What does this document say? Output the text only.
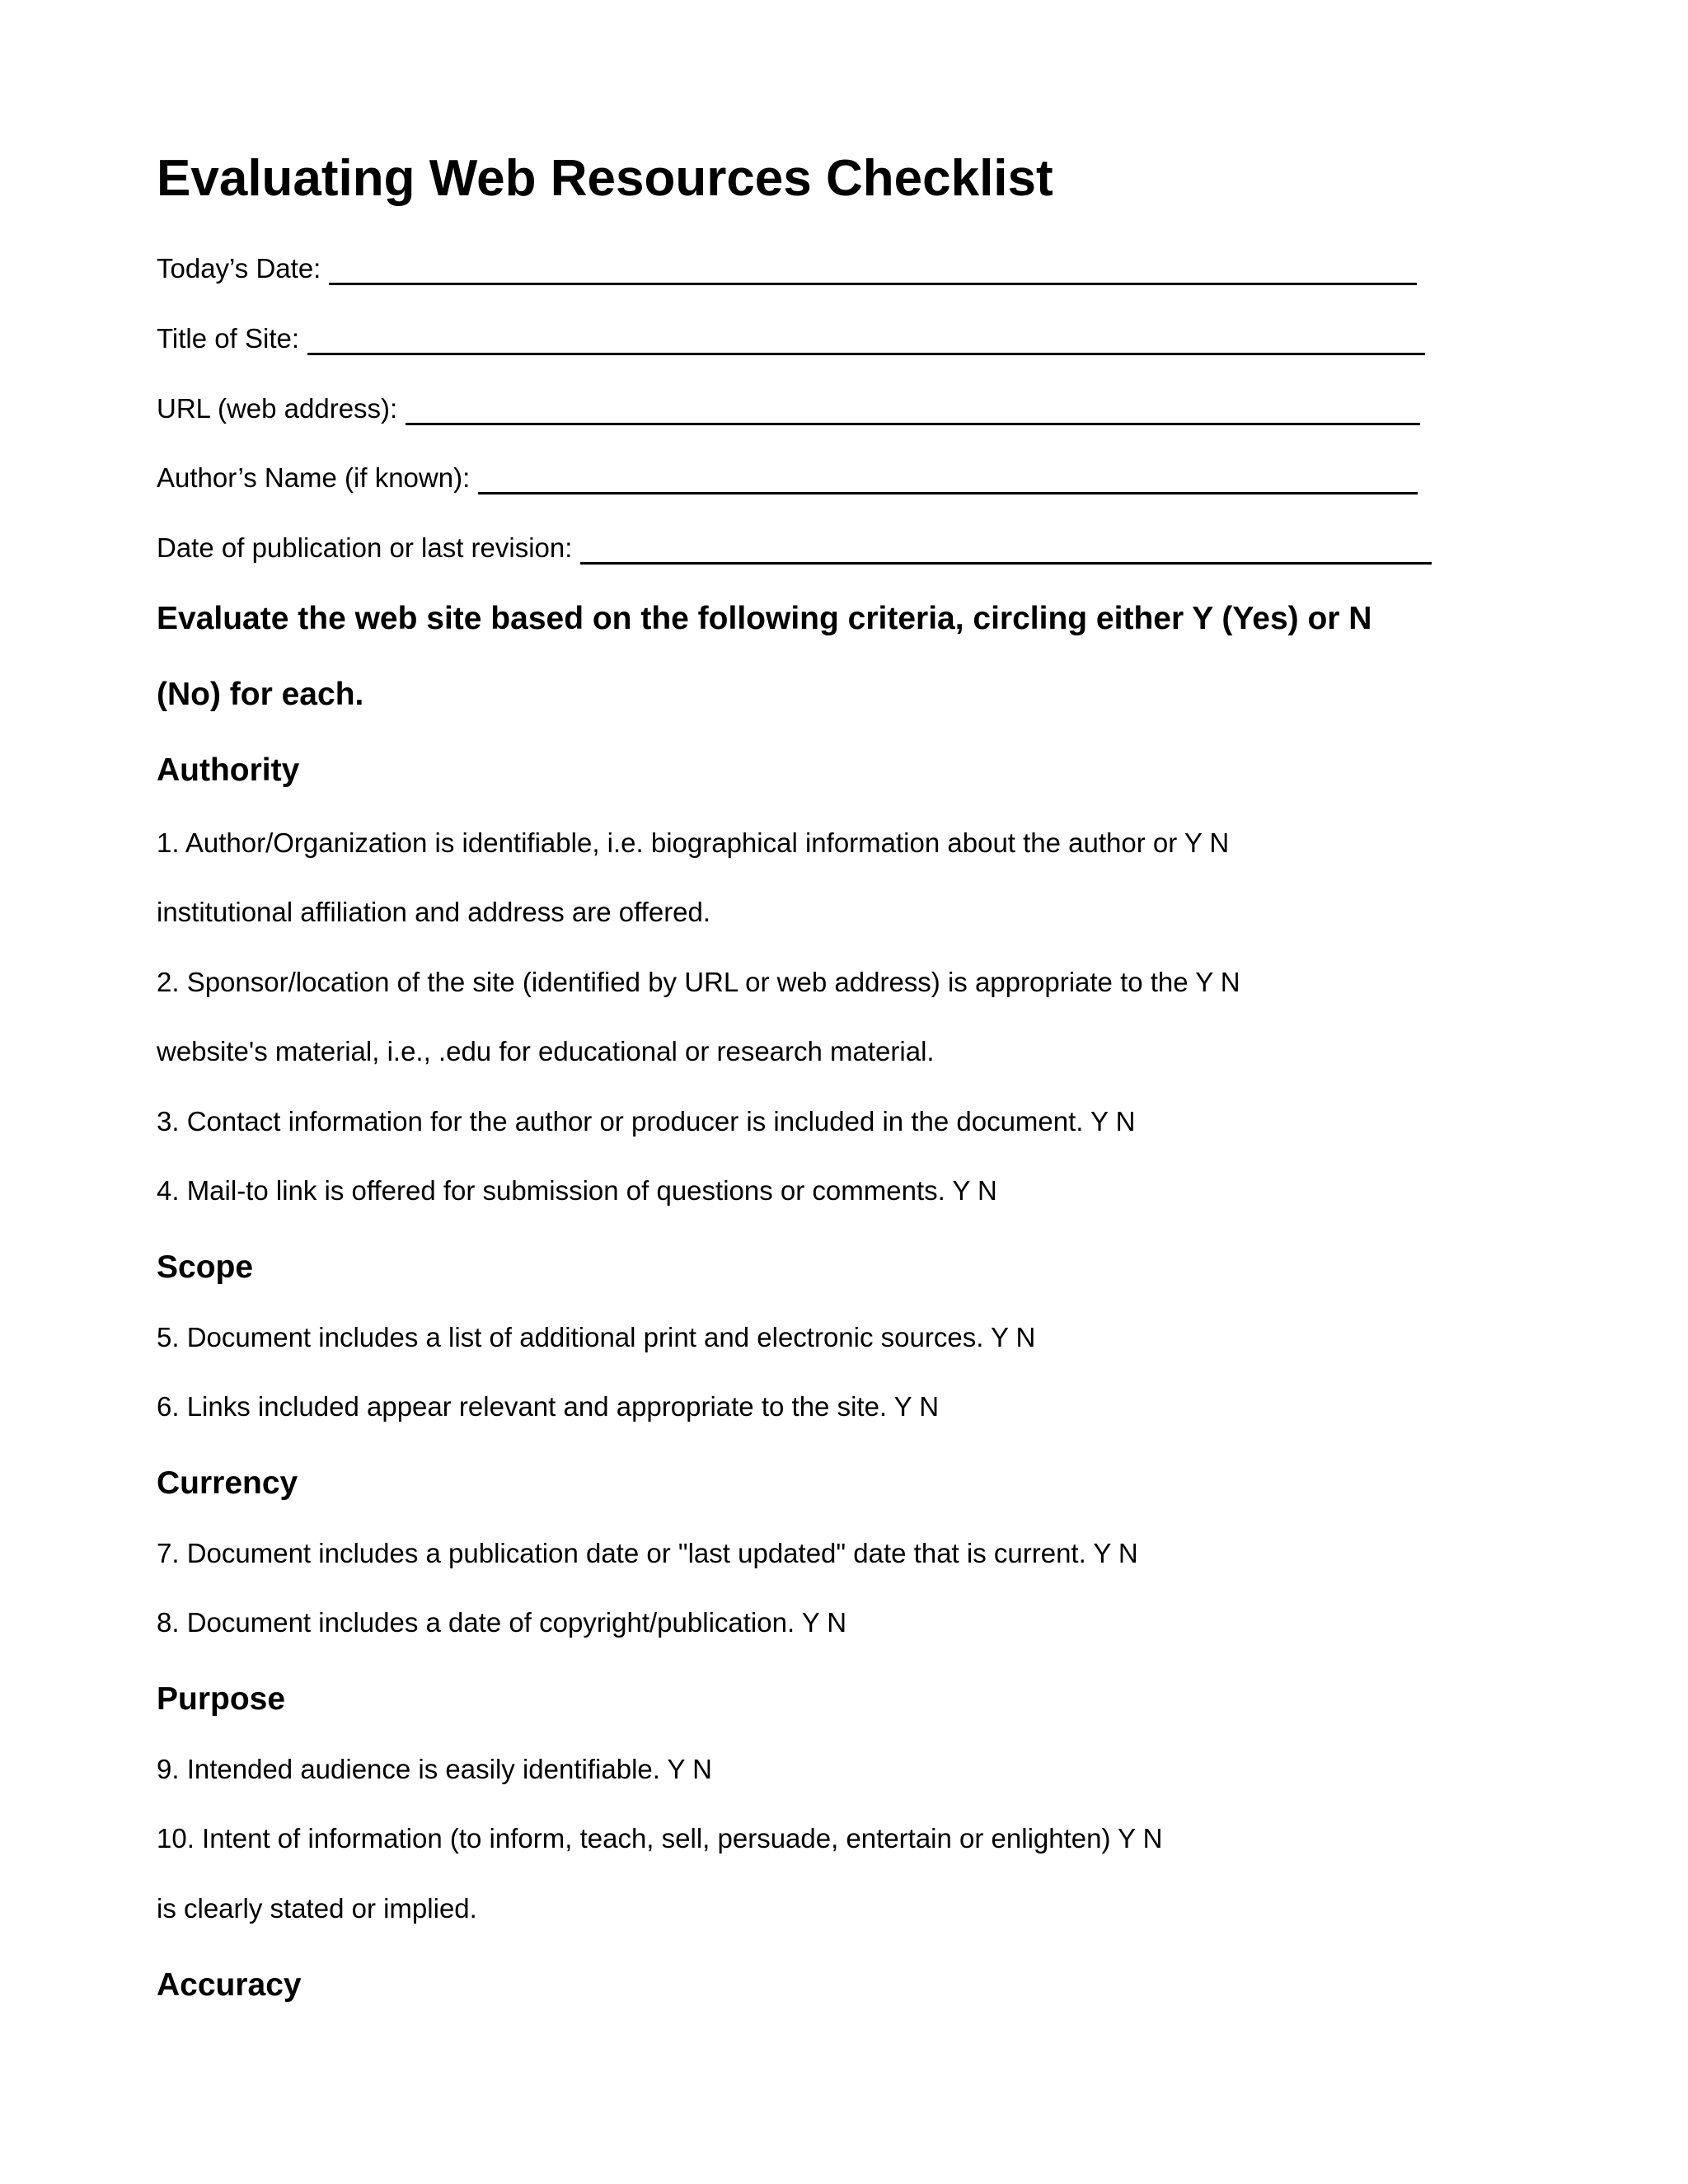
Evaluating Web Resources Checklist
Today’s Date:
Title of Site:
URL (web address):
Author’s Name (if known):
Date of publication or last revision:

Evaluate the web site based on the following criteria, circling either Y (Yes) or N

(No) for each.

Authority

1. Author/Organization is identifiable, i.e. biographical information about the author or Y N

institutional affiliation and address are offered.

2. Sponsor/location of the site (identified by URL or web address) is appropriate to the Y N

website's material, i.e., .edu for educational or research material.

3. Contact information for the author or producer is included in the document. Y N

4. Mail-to link is offered for submission of questions or comments. Y N

Scope

5. Document includes a list of additional print and electronic sources. Y N

6. Links included appear relevant and appropriate to the site. Y N

Currency

7. Document includes a publication date or "last updated" date that is current. Y N

8. Document includes a date of copyright/publication. Y N

Purpose

9. Intended audience is easily identifiable. Y N

10. Intent of information (to inform, teach, sell, persuade, entertain or enlighten) Y N

is clearly stated or implied.

Accuracy
